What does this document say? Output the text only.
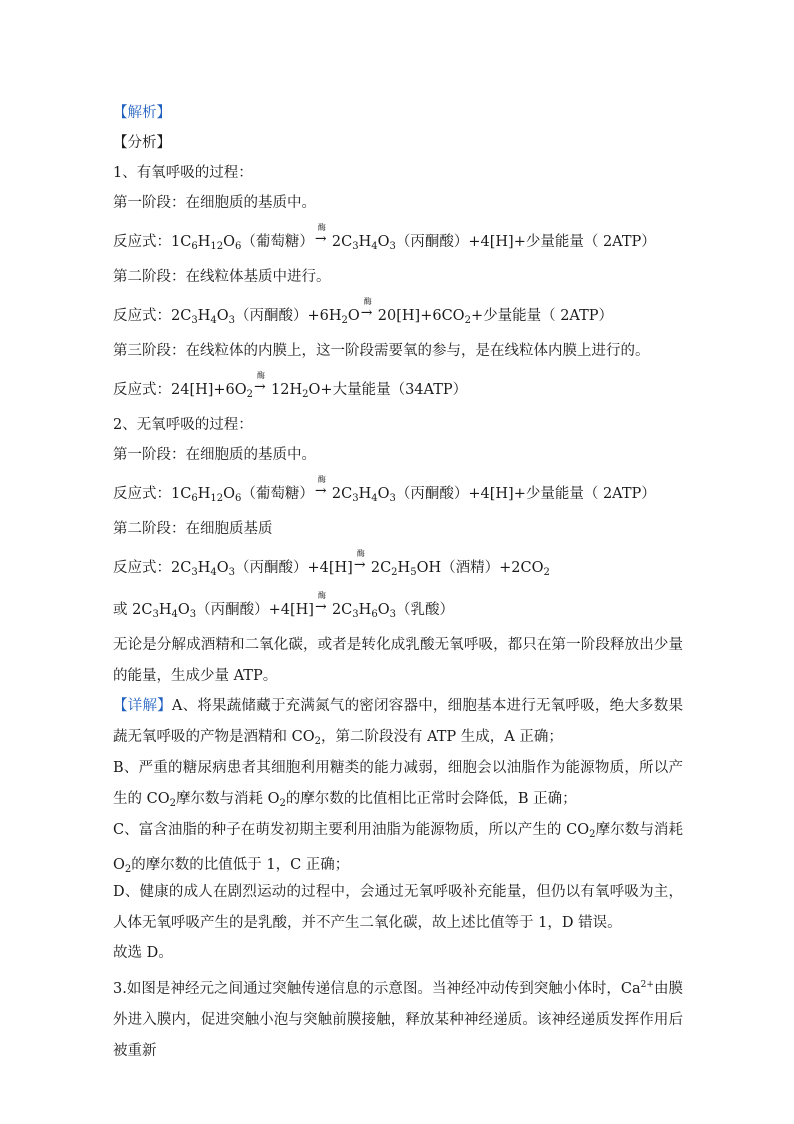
【解析】
【分析】
1、有氧呼吸的过程：
第一阶段：在细胞质的基质中。
反应式：$1C_6H_{12}O_6$（葡萄糖）
酶
→ $2C_3H_4O_3$（丙酮酸）+4[H]+少量能量（ 2ATP）
第二阶段：在线粒体基质中进行。
反应式：$2C_3H_4O_3$（丙酮酸）$+6H_2O$
酶
→ $20[H]+6CO_2+$少量能量（ 2ATP）
第三阶段：在线粒体的内膜上，这一阶段需要氧的参与，是在线粒体内膜上进行的。
反应式：$24[H]+6O_2$
酶
→ $12H_2O+$大量能量（34ATP）
2、无氧呼吸的过程：
第一阶段：在细胞质的基质中。
反应式：$1C_6H_{12}O_6$（葡萄糖）
酶
→ $2C_3H_4O_3$（丙酮酸）+4[H]+少量能量（ 2ATP）
第二阶段：在细胞质基质
反应式：$2C_3H_4O_3$（丙酮酸）+4[H]
酶
→ $2C_2H_5OH$（酒精）$+2CO_2$
或 $2C_3H_4O_3$（丙酮酸）+4[H]
酶
→ $2C_3H_6O_3$（乳酸）
无论是分解成酒精和二氧化碳，或者是转化成乳酸无氧呼吸，都只在第一阶段释放出少量的能量，生成少量 ATP。
【详解】A、将果蔬储藏于充满氮气的密闭容器中，细胞基本进行无氧呼吸，绝大多数果蔬无氧呼吸的产物是酒精和 $CO_2$，第二阶段没有 ATP 生成，A 正确；
B、严重的糖尿病患者其细胞利用糖类的能力减弱，细胞会以油脂作为能源物质，所以产生的 $CO_2$摩尔数与消耗 $O_2$的摩尔数的比值相比正常时会降低，B 正确；
C、富含油脂的种子在萌发初期主要利用油脂为能源物质，所以产生的 $CO_2$摩尔数与消耗 $O_2$的摩尔数的比值低于 1，C 正确；
D、健康的成人在剧烈运动的过程中，会通过无氧呼吸补充能量，但仍以有氧呼吸为主，人体无氧呼吸产生的是乳酸，并不产生二氧化碳，故上述比值等于 1，D 错误。
故选 D。
3.如图是神经元之间通过突触传递信息的示意图。当神经冲动传到突触小体时，$Ca^{2+}$由膜外进入膜内，促进突触小泡与突触前膜接触，释放某种神经递质。该神经递质发挥作用后被重新
